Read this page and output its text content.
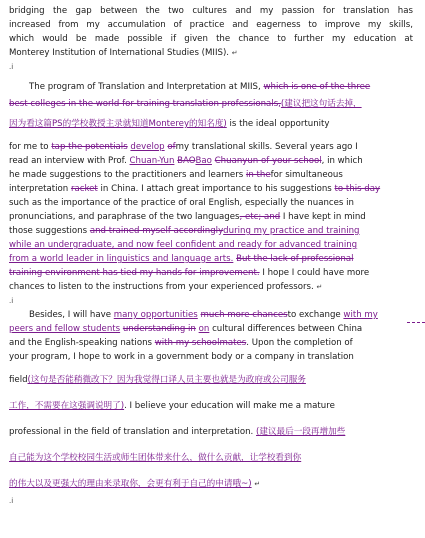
bridging the gap between the two cultures and my passion for translation has
increased from my accumulation of practice and eagerness to improve my skills,
which would be made possible if given the chance to further my education at
Monterey Institution of International Studies (MIIS). ↵
.i
The program of Translation and Interpretation at MIIS, which is one of the three
best colleges in the world for training translation professionals,(建议把这句话去掉，
因为看这篇PS的学校教授主录就知道Monterey的知名度) is the ideal opportunity
for me to tap the potentials develop ofmy translational skills. Several years ago I
read an interview with Prof. Chuan-Yun BAOBao Chuanyun of your school, in which
he made suggestions to the practitioners and learners in thefor simultaneous
interpretation racket in China. I attach great importance to his suggestions to this day
such as the importance of the practice of oral English, especially the nuances in
pronunciations, and paraphrase of the two languages, etc; and I have kept in mind
those suggestions and trained myself accordinglyduring my practice and training
while an undergraduate, and now feel confident and ready for advanced training
from a world leader in linguistics and language arts. But the lack of professional
training environment has tied my hands for improvement. I hope I could have more
chances to listen to the instructions from your experienced professors. ↵
.i
Besides, I will have many opportunities much more chancesto exchange with my
peers and fellow students understanding in on cultural differences between China
and the English-speaking nations with my schoolmates. Upon the completion of
your program, I hope to work in a government body or a company in translation
field(这句是否能稍微改下？因为我觉得口译人员主要也就是为政府或公司服务
工作，不需要在这强调说明了). I believe your education will make me a mature
professional in the field of translation and interpretation. (建议最后一段再增加些
自己能为这个学校校园生活或师生团体带来什么，做什么贡献，让学校看到你
的伟大以及更强大的理由来录取你，会更有利于自己的申请哦~) ↵
.i
